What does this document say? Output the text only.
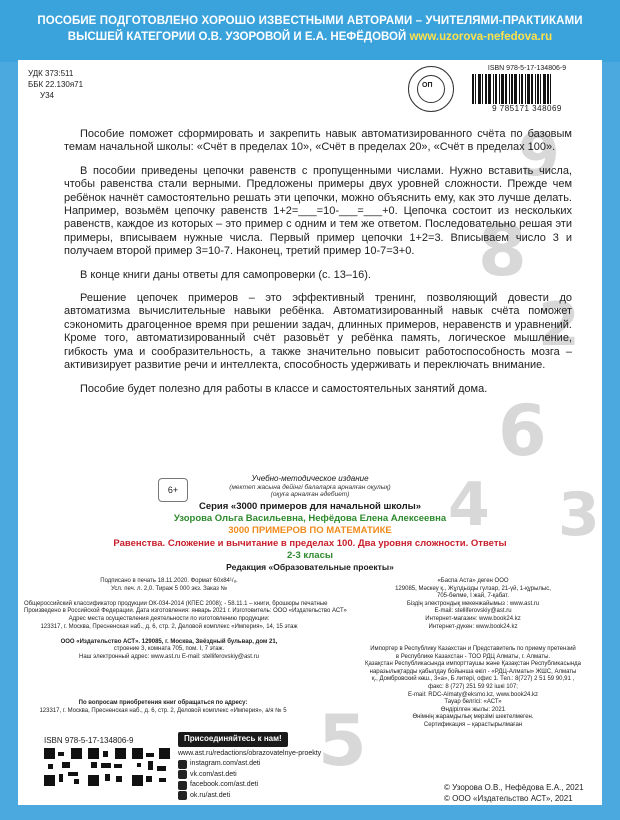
ПОСОБИЕ ПОДГОТОВЛЕНО ХОРОШО ИЗВЕСТНЫМИ АВТОРАМИ – УЧИТЕЛЯМИ-ПРАКТИКАМИ
ВЫСШЕЙ КАТЕГОРИИ О.В. УЗОРОВОЙ И Е.А. НЕФЁДОВОЙ www.uzorova-nefedova.ru
9
8
2
6
4 3
5
УДК 373:511
ББК 22.130я71
У34
ОП
ISBN 978-5-17-134806-9
9 785171 348069

Пособие поможет сформировать и закрепить навык автоматизированного счёта по базовым темам начальной школы: «Счёт в пределах 10», «Счёт в пределах 20», «Счёт в пределах 100».

В пособии приведены цепочки равенств с пропущенными числами. Нужно вставить числа, чтобы равенства стали верными. Предложены примеры двух уровней сложности. Прежде чем ребёнок начнёт самостоятельно решать эти цепочки, можно объяснить ему, как это лучше делать. Например, возьмём цепочку равенств 1+2=___=10-___=___+0. Цепочка состоит из нескольких равенств, каждое из которых – это пример с одним и тем же ответом. Последовательно решая эти примеры, вписываем нужные числа. Первый пример цепочки 1+2=3. Вписываем число 3 и получаем второй пример 3=10-7. Наконец, третий пример 10-7=3+0.

В конце книги даны ответы для самопроверки (с. 13–16).

Решение цепочек примеров – это эффективный тренинг, позволяющий довести до автоматизма вычислительные навыки ребёнка. Автоматизированный навык счёта поможет сэкономить драгоценное время при решении задач, длинных примеров, неравенств и уравнений. Кроме того, автоматизированный счёт разовьёт у ребёнка память, логическое мышление, гибкость ума и сообразительность, а также значительно повысит работоспособность мозга – активизирует развитие речи и интеллекта, способность удерживать и переключать внимание.

Пособие будет полезно для работы в классе и самостоятельных занятий дома.

6+
Учебно-методическое издание
(мектеп жасына дейінгі балаларға арналған оқулық)
(оқуға арналған әдебиет)
Серия «3000 примеров для начальной школы»
Узорова Ольга Васильевна, Нефёдова Елена Алексеевна
3000 ПРИМЕРОВ ПО МАТЕМАТИКЕ
Равенства. Сложение и вычитание в пределах 100. Два уровня сложности. Ответы
2-3 класы
Редакция «Образовательные проекты»
Подписано в печать 18.11.2020. Формат 60x84¹/₈.
Усл. печ. л. 2,0. Тираж 5 000 экз. Заказ №

Общероссийский классификатор продукции ОК-034-2014 (КПЕС 2008); - 58.11.1 – книги, брошюры печатные
Произведено в Российской Федерации. Дата изготовления: январь 2021 г. Изготовитель: ООО «Издательство АСТ»
Адрес места осуществления деятельности по изготовлению продукции:
123317, г. Москва, Пресненская наб., д. 6, стр. 2, Деловой комплекс «Империя», 14, 15 этаж

ООО «Издательство АСТ». 129085, г. Москва, Звёздный бульвар, дом 21,
строение 3, комната 705, пом. I, 7 этаж.
Наш электронный адрес: www.ast.ru E-mail: stelliferovskiy@ast.ru
«Баспа Аста» деген ООО
129085, Мәскеу қ., Жұлдызды гүлзар, 21-үй, 1-құрылыс,
705-бөлме, I жай, 7-қабат.
Біздің электрондық мекенжайымыз : www.ast.ru
E-mail: stelliferovskiy@ast.ru
Интернет-магазин: www.book24.kz
Интернет-дүкен: www.book24.kz
Импортер в Республику Казахстан и Представитель по приему претензий
в Республике Казахстан - ТОО РДЦ Алматы, г. Алматы.
Қазақстан Республикасында импорттаушы және Қазақстан Республикасында
наразылықтарды қабылдау бойынша өкіл - «РДЦ-Алматы» ЖШС, Алматы
қ., Домбровский көш., 3«а», Б литері, офис 1. Тел.: 8(727) 2 51 59 90,91 ,
факс: 8 (727) 251 59 92 ішкі 107;
E-mail: RDC-Almaty@eksmo.kz, www.book24.kz
Тауар белгісі: «АСТ»
Өндірілген жылы: 2021
Өнімнің жарамдылық мерзімі шектелмеген.
Сертификация – қарастырылмаған
По вопросам приобретения книг обращаться по адресу:
123317, г. Москва, Пресненская наб., д. 6, стр. 2, Деловой комплекс «Империя», а/я № 5
ISBN 978-5-17-134806-9	Присоединяйтесь к нам!
www.ast.ru/redactions/obrazovatelnye-proekty
instagram.com/ast.deti
vk.com/ast.deti
facebook.com/ast.deti
ok.ru/ast.deti
© Узорова О.В., Нефёдова Е.А., 2021
© ООО «Издательство АСТ», 2021
